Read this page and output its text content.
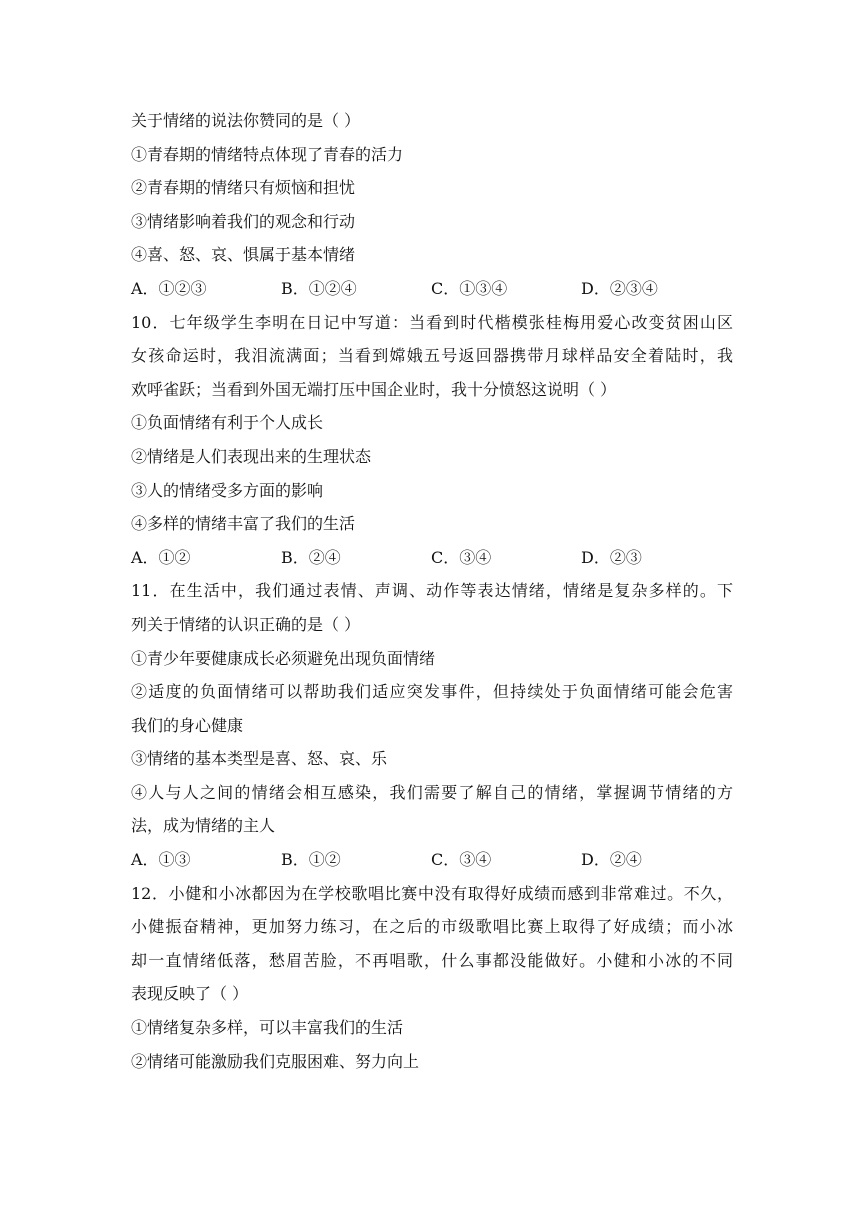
关于情绪的说法你赞同的是（ ）
①青春期的情绪特点体现了青春的活力
②青春期的情绪只有烦恼和担忧
③情绪影响着我们的观念和行动
④喜、怒、哀、惧属于基本情绪
A．①②③	B．①②④	C．①③④	D．②③④
10．七年级学生李明在日记中写道：当看到时代楷模张桂梅用爱心改变贫困山区
女孩命运时，我泪流满面；当看到嫦娥五号返回器携带月球样品安全着陆时，我
欢呼雀跃；当看到外国无端打压中国企业时，我十分愤怒这说明（ ）
①负面情绪有利于个人成长
②情绪是人们表现出来的生理状态
③人的情绪受多方面的影响
④多样的情绪丰富了我们的生活
A．①②	B．②④	C．③④	D．②③
11．在生活中，我们通过表情、声调、动作等表达情绪，情绪是复杂多样的。下
列关于情绪的认识正确的是（ ）
①青少年要健康成长必须避免出现负面情绪
②适度的负面情绪可以帮助我们适应突发事件，但持续处于负面情绪可能会危害
我们的身心健康
③情绪的基本类型是喜、怒、哀、乐
④人与人之间的情绪会相互感染，我们需要了解自己的情绪，掌握调节情绪的方
法，成为情绪的主人
A．①③	B．①②	C．③④	D．②④
12．小健和小冰都因为在学校歌唱比赛中没有取得好成绩而感到非常难过。不久，
小健振奋精神，更加努力练习，在之后的市级歌唱比赛上取得了好成绩；而小冰
却一直情绪低落，愁眉苦脸，不再唱歌，什么事都没能做好。小健和小冰的不同
表现反映了（ ）
①情绪复杂多样，可以丰富我们的生活
②情绪可能激励我们克服困难、努力向上
